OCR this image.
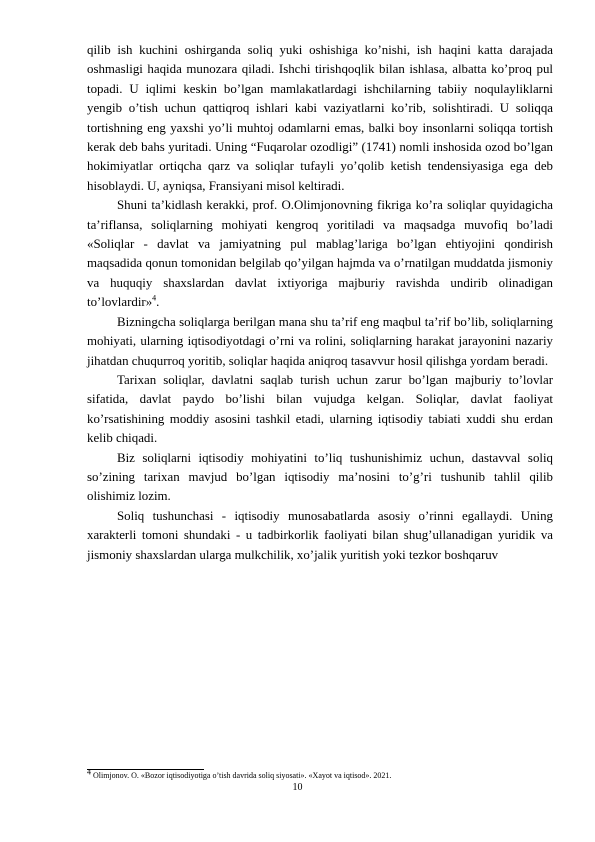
qilib ish kuchini oshirganda soliq yuki oshishiga ko’nishi, ish haqini katta darajada oshmasligi haqida munozara qiladi. Ishchi tirishqoqlik bilan ishlasa, albatta ko’proq pul topadi. U iqlimi keskin bo’lgan mamlakatlardagi ishchilarning tabiiy noqulayliklarni yengib o’tish uchun qattiqroq ishlari kabi vaziyatlarni ko’rib, solishtiradi. U soliqqa tortishning eng yaxshi yo’li muhtoj odamlarni emas, balki boy insonlarni soliqqa tortish kerak deb bahs yuritadi. Uning “Fuqarolar ozodligi” (1741) nomli inshosida ozod bo’lgan hokimiyatlar ortiqcha qarz va soliqlar tufayli yo’qolib ketish tendensiyasiga ega deb hisoblaydi. U, ayniqsa, Fransiyani misol keltiradi.

Shuni ta’kidlash kerakki, prof. O.Olimjonovning fikriga ko’ra soliqlar quyidagicha ta’riflansa, soliqlarning mohiyati kengroq yoritiladi va maqsadga muvofiq bo’ladi «Soliqlar - davlat va jamiyatning pul mablag’lariga bo’lgan ehtiyojini qondirish maqsadida qonun tomonidan belgilab qo’yilgan hajmda va o’rnatilgan muddatda jismoniy va huquqiy shaxslardan davlat ixtiyoriga majburiy ravishda undirib olinadigan to’lovlardir»$^4$.

Bizningcha soliqlarga berilgan mana shu ta’rif eng maqbul ta’rif bo’lib, soliqlarning mohiyati, ularning iqtisodiyotdagi o’rni va rolini, soliqlarning harakat jarayonini nazariy jihatdan chuqurroq yoritib, soliqlar haqida aniqroq tasavvur hosil qilishga yordam beradi.

Tarixan soliqlar, davlatni saqlab turish uchun zarur bo’lgan majburiy to’lovlar sifatida, davlat paydo bo’lishi bilan vujudga kelgan. Soliqlar, davlat faoliyat ko’rsatishining moddiy asosini tashkil etadi, ularning iqtisodiy tabiati xuddi shu erdan kelib chiqadi.

Biz soliqlarni iqtisodiy mohiyatini to’liq tushunishimiz uchun, dastavval soliq so’zining tarixan mavjud bo’lgan iqtisodiy ma’nosini to’g’ri tushunib tahlil qilib olishimiz lozim.

Soliq tushunchasi - iqtisodiy munosabatlarda asosiy o’rinni egallaydi. Uning xarakterli tomoni shundaki - u tadbirkorlik faoliyati bilan shug’ullanadigan yuridik va jismoniy shaxslardan ularga mulkchilik, xo’jalik yuritish yoki tezkor boshqaruv

$^4$ Olimjonov. O. «Bozor iqtisodiyotiga o’tish davrida soliq siyosati». «Xayot va iqtisod». 2021.
10
